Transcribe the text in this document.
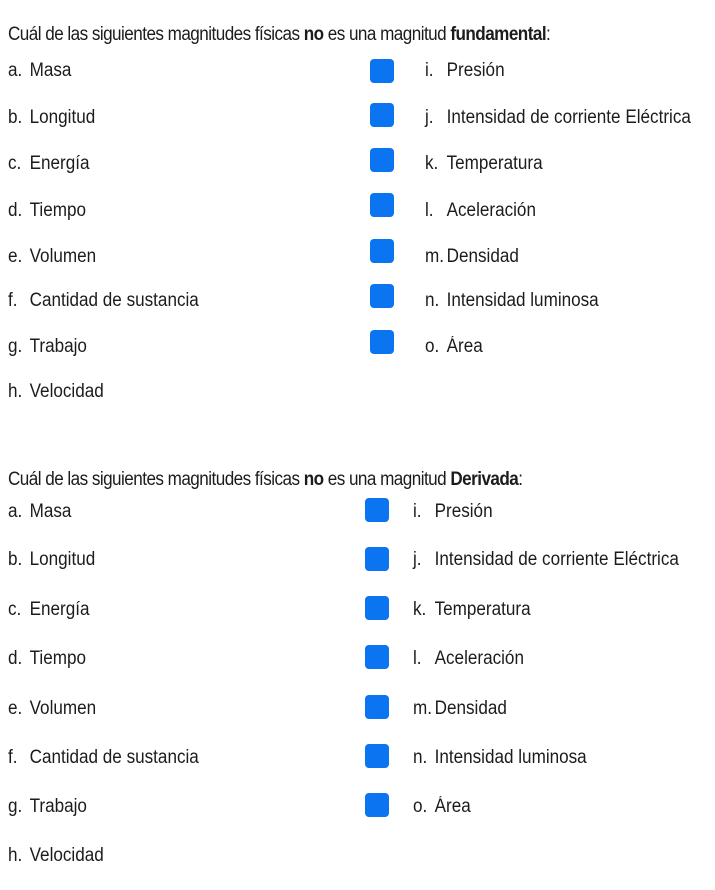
Cuál de las siguientes magnitudes físicas no es una magnitud fundamental:
a. Masa
b. Longitud
c. Energía
d. Tiempo
e. Volumen
f. Cantidad de sustancia
g. Trabajo
h. Velocidad
i. Presión
j. Intensidad de corriente Eléctrica
k. Temperatura
l. Aceleración
m. Densidad
n. Intensidad luminosa
o. Área
Cuál de las siguientes magnitudes físicas no es una magnitud Derivada:
a. Masa
b. Longitud
c. Energía
d. Tiempo
e. Volumen
f. Cantidad de sustancia
g. Trabajo
h. Velocidad
i. Presión
j. Intensidad de corriente Eléctrica
k. Temperatura
l. Aceleración
m. Densidad
n. Intensidad luminosa
o. Área
